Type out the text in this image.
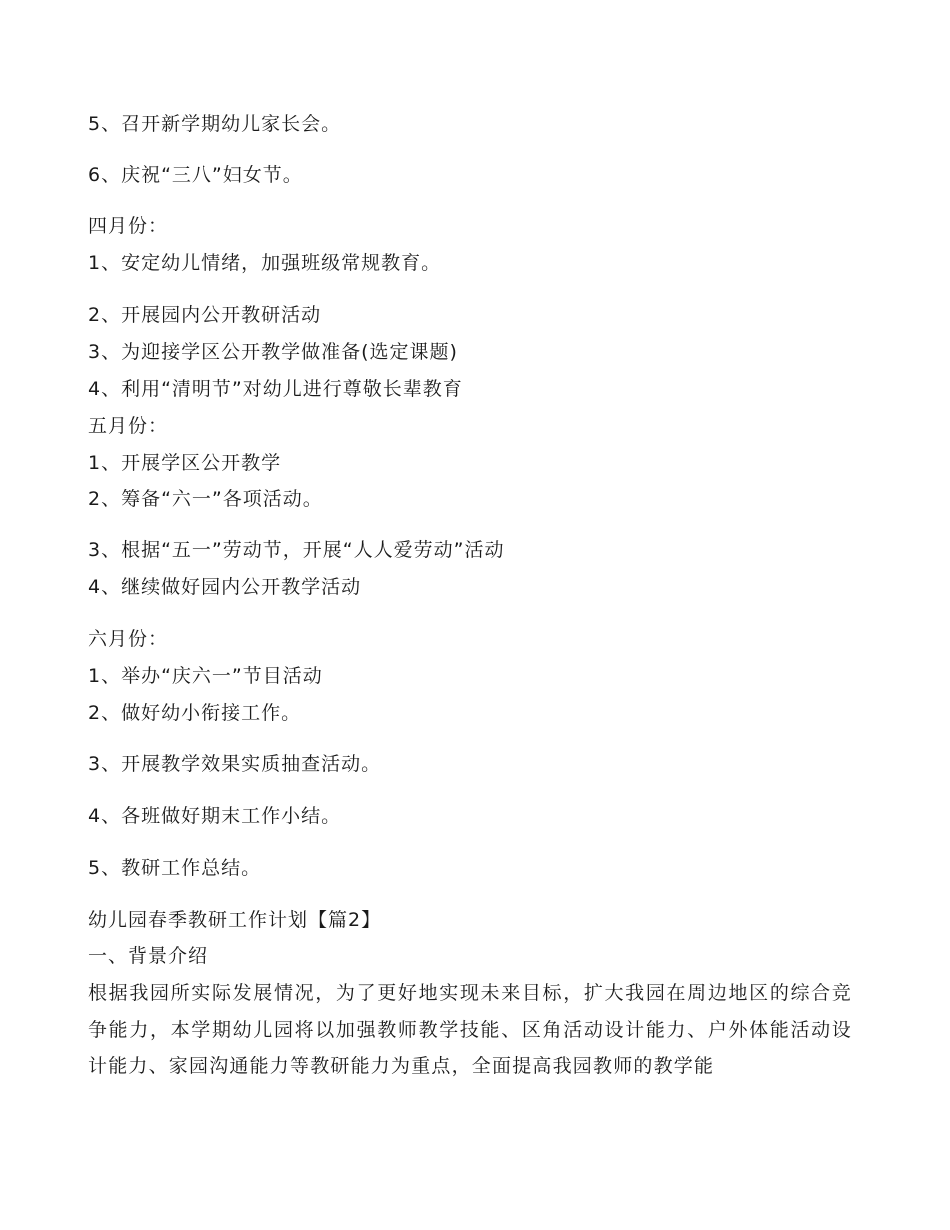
5、召开新学期幼儿家长会。
6、庆祝“三八”妇女节。
四月份：
1、安定幼儿情绪，加强班级常规教育。
2、开展园内公开教研活动
3、为迎接学区公开教学做准备(选定课题)
4、利用“清明节”对幼儿进行尊敬长辈教育
五月份：
1、开展学区公开教学
2、筹备“六一”各项活动。
3、根据“五一”劳动节，开展“人人爱劳动”活动
4、继续做好园内公开教学活动
六月份：
1、举办“庆六一”节目活动
2、做好幼小衔接工作。
3、开展教学效果实质抽查活动。
4、各班做好期末工作小结。
5、教研工作总结。
幼儿园春季教研工作计划【篇2】
一、背景介绍
根据我园所实际发展情况，为了更好地实现未来目标，扩大我园在周边地区的综合竞争能力，本学期幼儿园将以加强教师教学技能、区角活动设计能力、户外体能活动设计能力、家园沟通能力等教研能力为重点，全面提高我园教师的教学能
